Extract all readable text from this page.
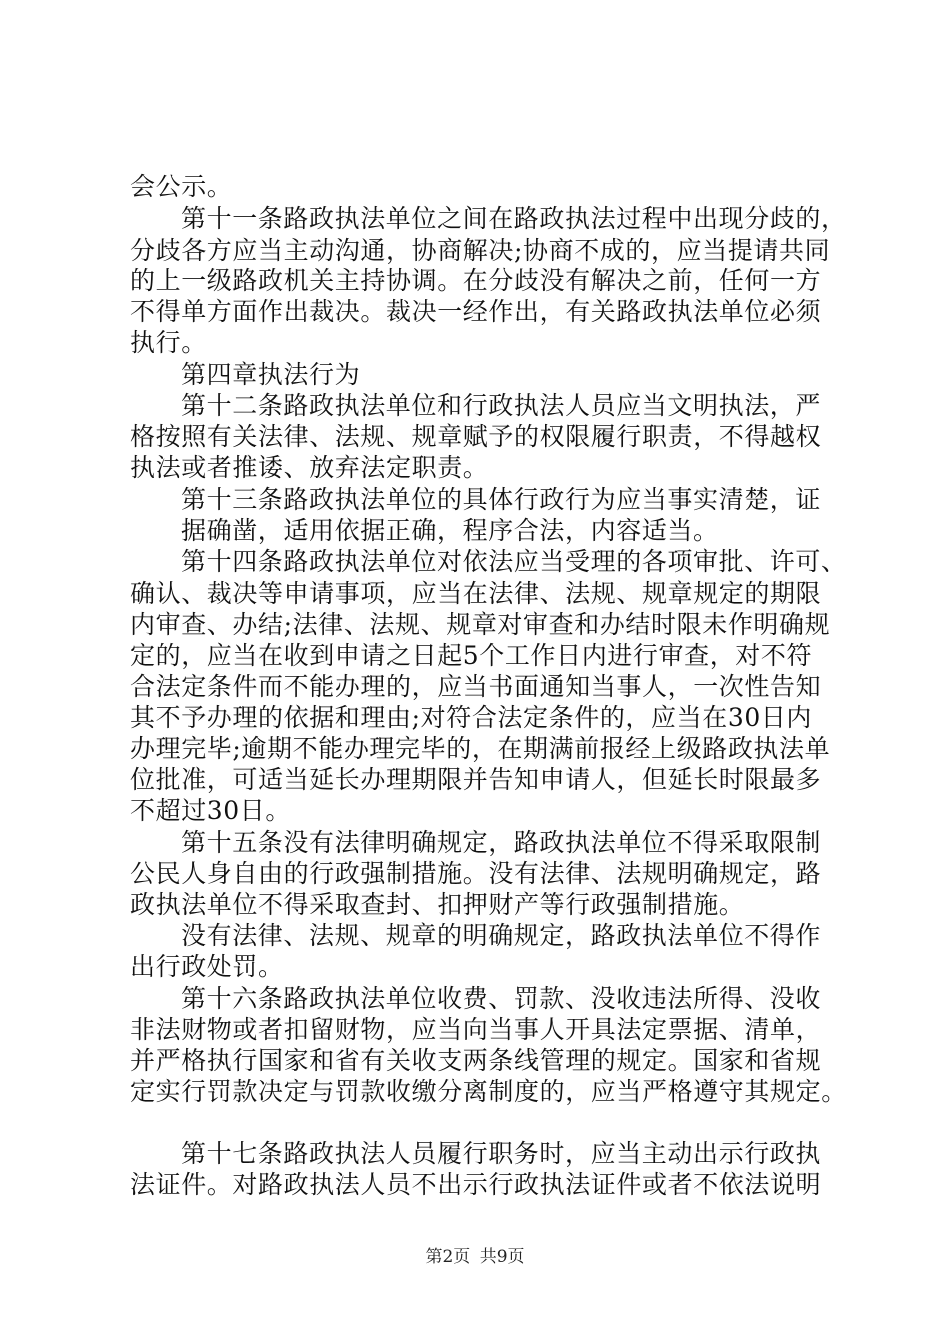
会公示。
第十一条路政执法单位之间在路政执法过程中出现分歧的，
分歧各方应当主动沟通，协商解决;协商不成的，应当提请共同
的上一级路政机关主持协调。在分歧没有解决之前，任何一方
不得单方面作出裁决。裁决一经作出，有关路政执法单位必须
执行。
第四章执法行为
第十二条路政执法单位和行政执法人员应当文明执法，严
格按照有关法律、法规、规章赋予的权限履行职责，不得越权
执法或者推诿、放弃法定职责。
第十三条路政执法单位的具体行政行为应当事实清楚，证
据确凿，适用依据正确，程序合法，内容适当。
第十四条路政执法单位对依法应当受理的各项审批、许可、
确认、裁决等申请事项，应当在法律、法规、规章规定的期限
内审查、办结;法律、法规、规章对审查和办结时限未作明确规
定的，应当在收到申请之日起5个工作日内进行审查，对不符
合法定条件而不能办理的，应当书面通知当事人，一次性告知
其不予办理的依据和理由;对符合法定条件的，应当在30日内
办理完毕;逾期不能办理完毕的，在期满前报经上级路政执法单
位批准，可适当延长办理期限并告知申请人，但延长时限最多
不超过30日。
第十五条没有法律明确规定，路政执法单位不得采取限制
公民人身自由的行政强制措施。没有法律、法规明确规定，路
政执法单位不得采取查封、扣押财产等行政强制措施。
没有法律、法规、规章的明确规定，路政执法单位不得作
出行政处罚。
第十六条路政执法单位收费、罚款、没收违法所得、没收
非法财物或者扣留财物，应当向当事人开具法定票据、清单，
并严格执行国家和省有关收支两条线管理的规定。国家和省规
定实行罚款决定与罚款收缴分离制度的，应当严格遵守其规定。
第十七条路政执法人员履行职务时，应当主动出示行政执
法证件。对路政执法人员不出示行政执法证件或者不依法说明
第2页 共9页
